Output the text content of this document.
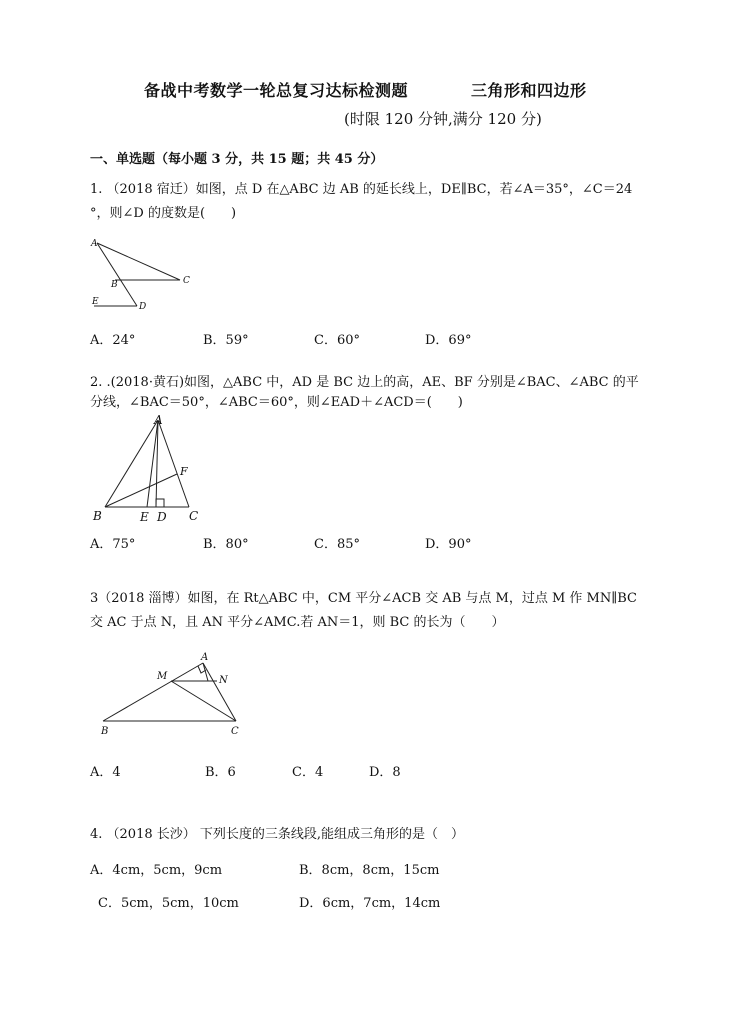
备战中考数学一轮总复习达标检测题	三角形和四边形
(时限 120 分钟,满分 120 分)
一、单选题（每小题 3 分，共 15 题；共 45 分）
1. （2018 宿迁）如图，点 D 在△ABC 边 AB 的延长线上，DE∥BC，若∠A＝35°，∠C＝24
°，则∠D 的度数是(　　)
A
C
B
E	D
A．24°	B．59°	C．60°	D．69°
2. .(2018·黄石)如图，△ABC 中，AD 是 BC 边上的高，AE、BF 分别是∠BAC、∠ABC 的平
分线，∠BAC＝50°，∠ABC＝60°，则∠EAD＋∠ACD＝(　　)
A
F
B	E D C
A．75°	B．80°	C．85°	D．90°
3（2018 淄博）如图，在 Rt△ABC 中，CM 平分∠ACB 交 AB 与点 M，过点 M 作 MN∥BC
交 AC 于点 N，且 AN 平分∠AMC.若 AN＝1，则 BC 的长为（　　）
A
M	N
B	C
A．4	B．6	C．4	D．8
4. （2018 长沙） 下列长度的三条线段,能组成三角形的是（　）
A．4cm，5cm，9cm	B．8cm，8cm，15cm
C．5cm，5cm，10cm	D．6cm，7cm，14cm
